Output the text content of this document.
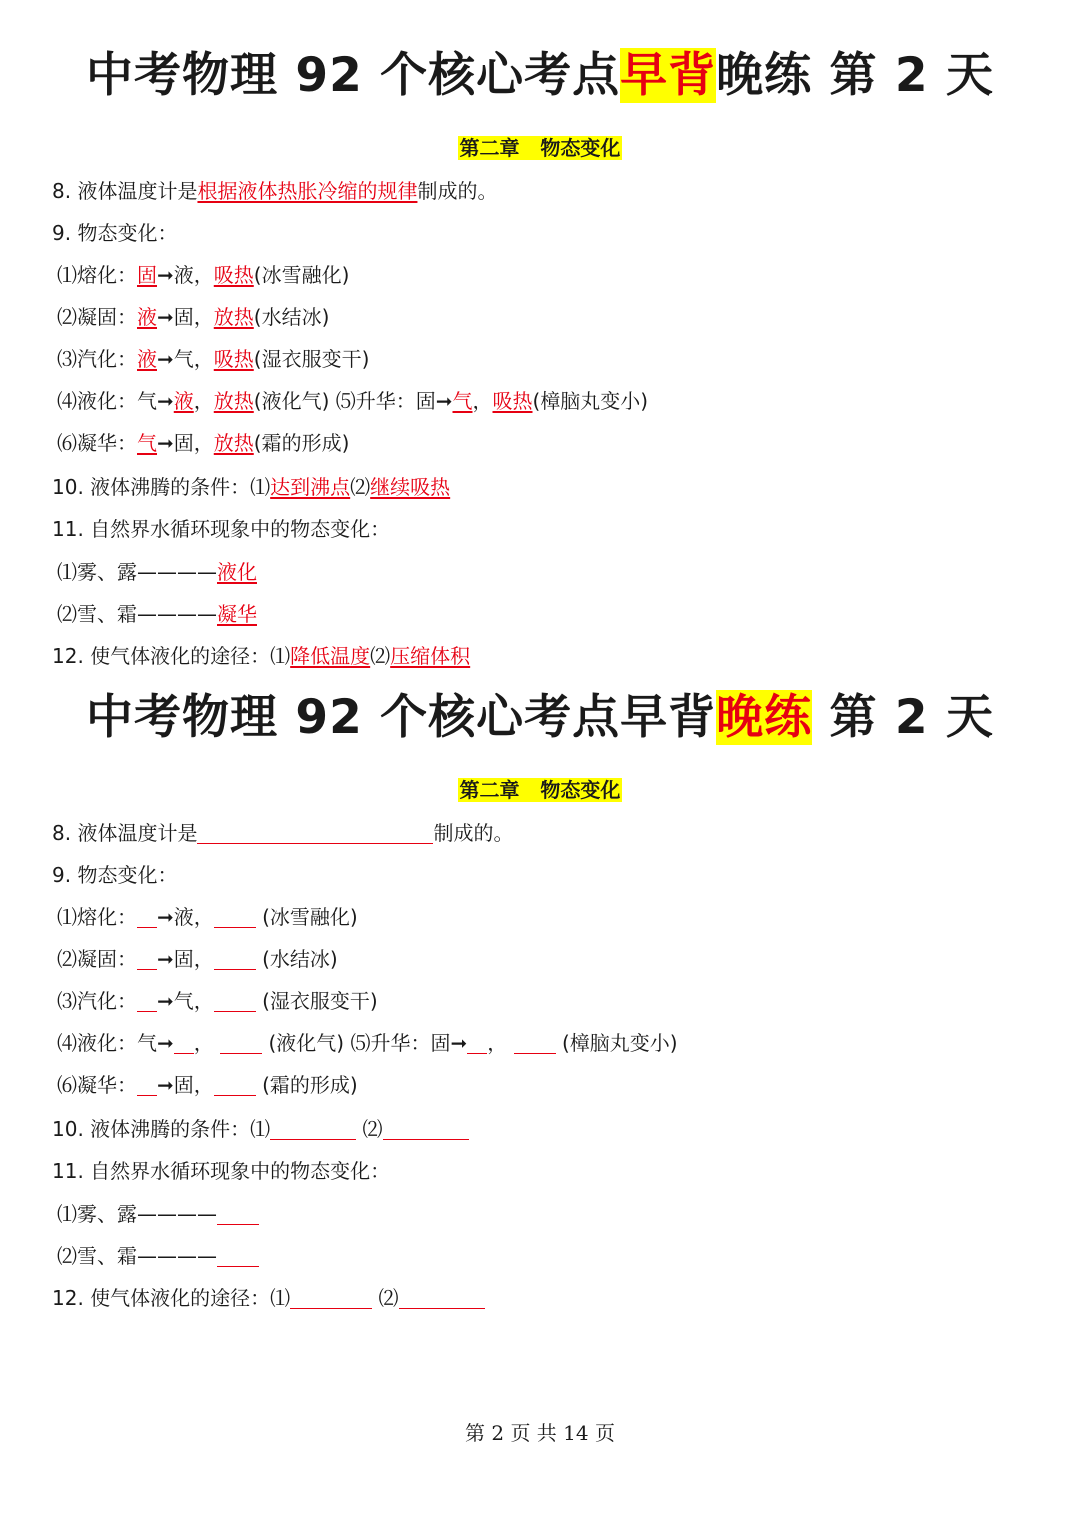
中考物理 92 个核心考点早背晚练 第 2 天
第二章   物态变化
8. 液体温度计是根据液体热胀冷缩的规律制成的。
9. 物态变化：
⑴熔化：固➞液，吸热(冰雪融化)
⑵凝固：液➞固，放热(水结冰)
⑶汽化：液➞气，吸热(湿衣服变干)
⑷液化：气➞液，放热(液化气) ⑸升华：固➞气，吸热(樟脑丸变小)
⑹凝华：气➞固，放热(霜的形成)
10. 液体沸腾的条件：⑴达到沸点⑵继续吸热
11. 自然界水循环现象中的物态变化：
⑴雾、露————液化
⑵雪、霜————凝华
12. 使气体液化的途径：⑴降低温度⑵压缩体积
中考物理 92 个核心考点早背晚练 第 2 天
第二章   物态变化
8. 液体温度计是	制成的。
9. 物态变化：
⑴熔化： ➞液， (冰雪融化)
⑵凝固： ➞固， (水结冰)
⑶汽化： ➞气， (湿衣服变干)
⑷液化：气➞ ，	(液化气) ⑸升华：固➞ ，	(樟脑丸变小)
⑹凝华： ➞固， (霜的形成)
10. 液体沸腾的条件：⑴	⑵
11. 自然界水循环现象中的物态变化：
⑴雾、露————
⑵雪、霜————
12. 使气体液化的途径：⑴	⑵
第 2 页 共 14 页
